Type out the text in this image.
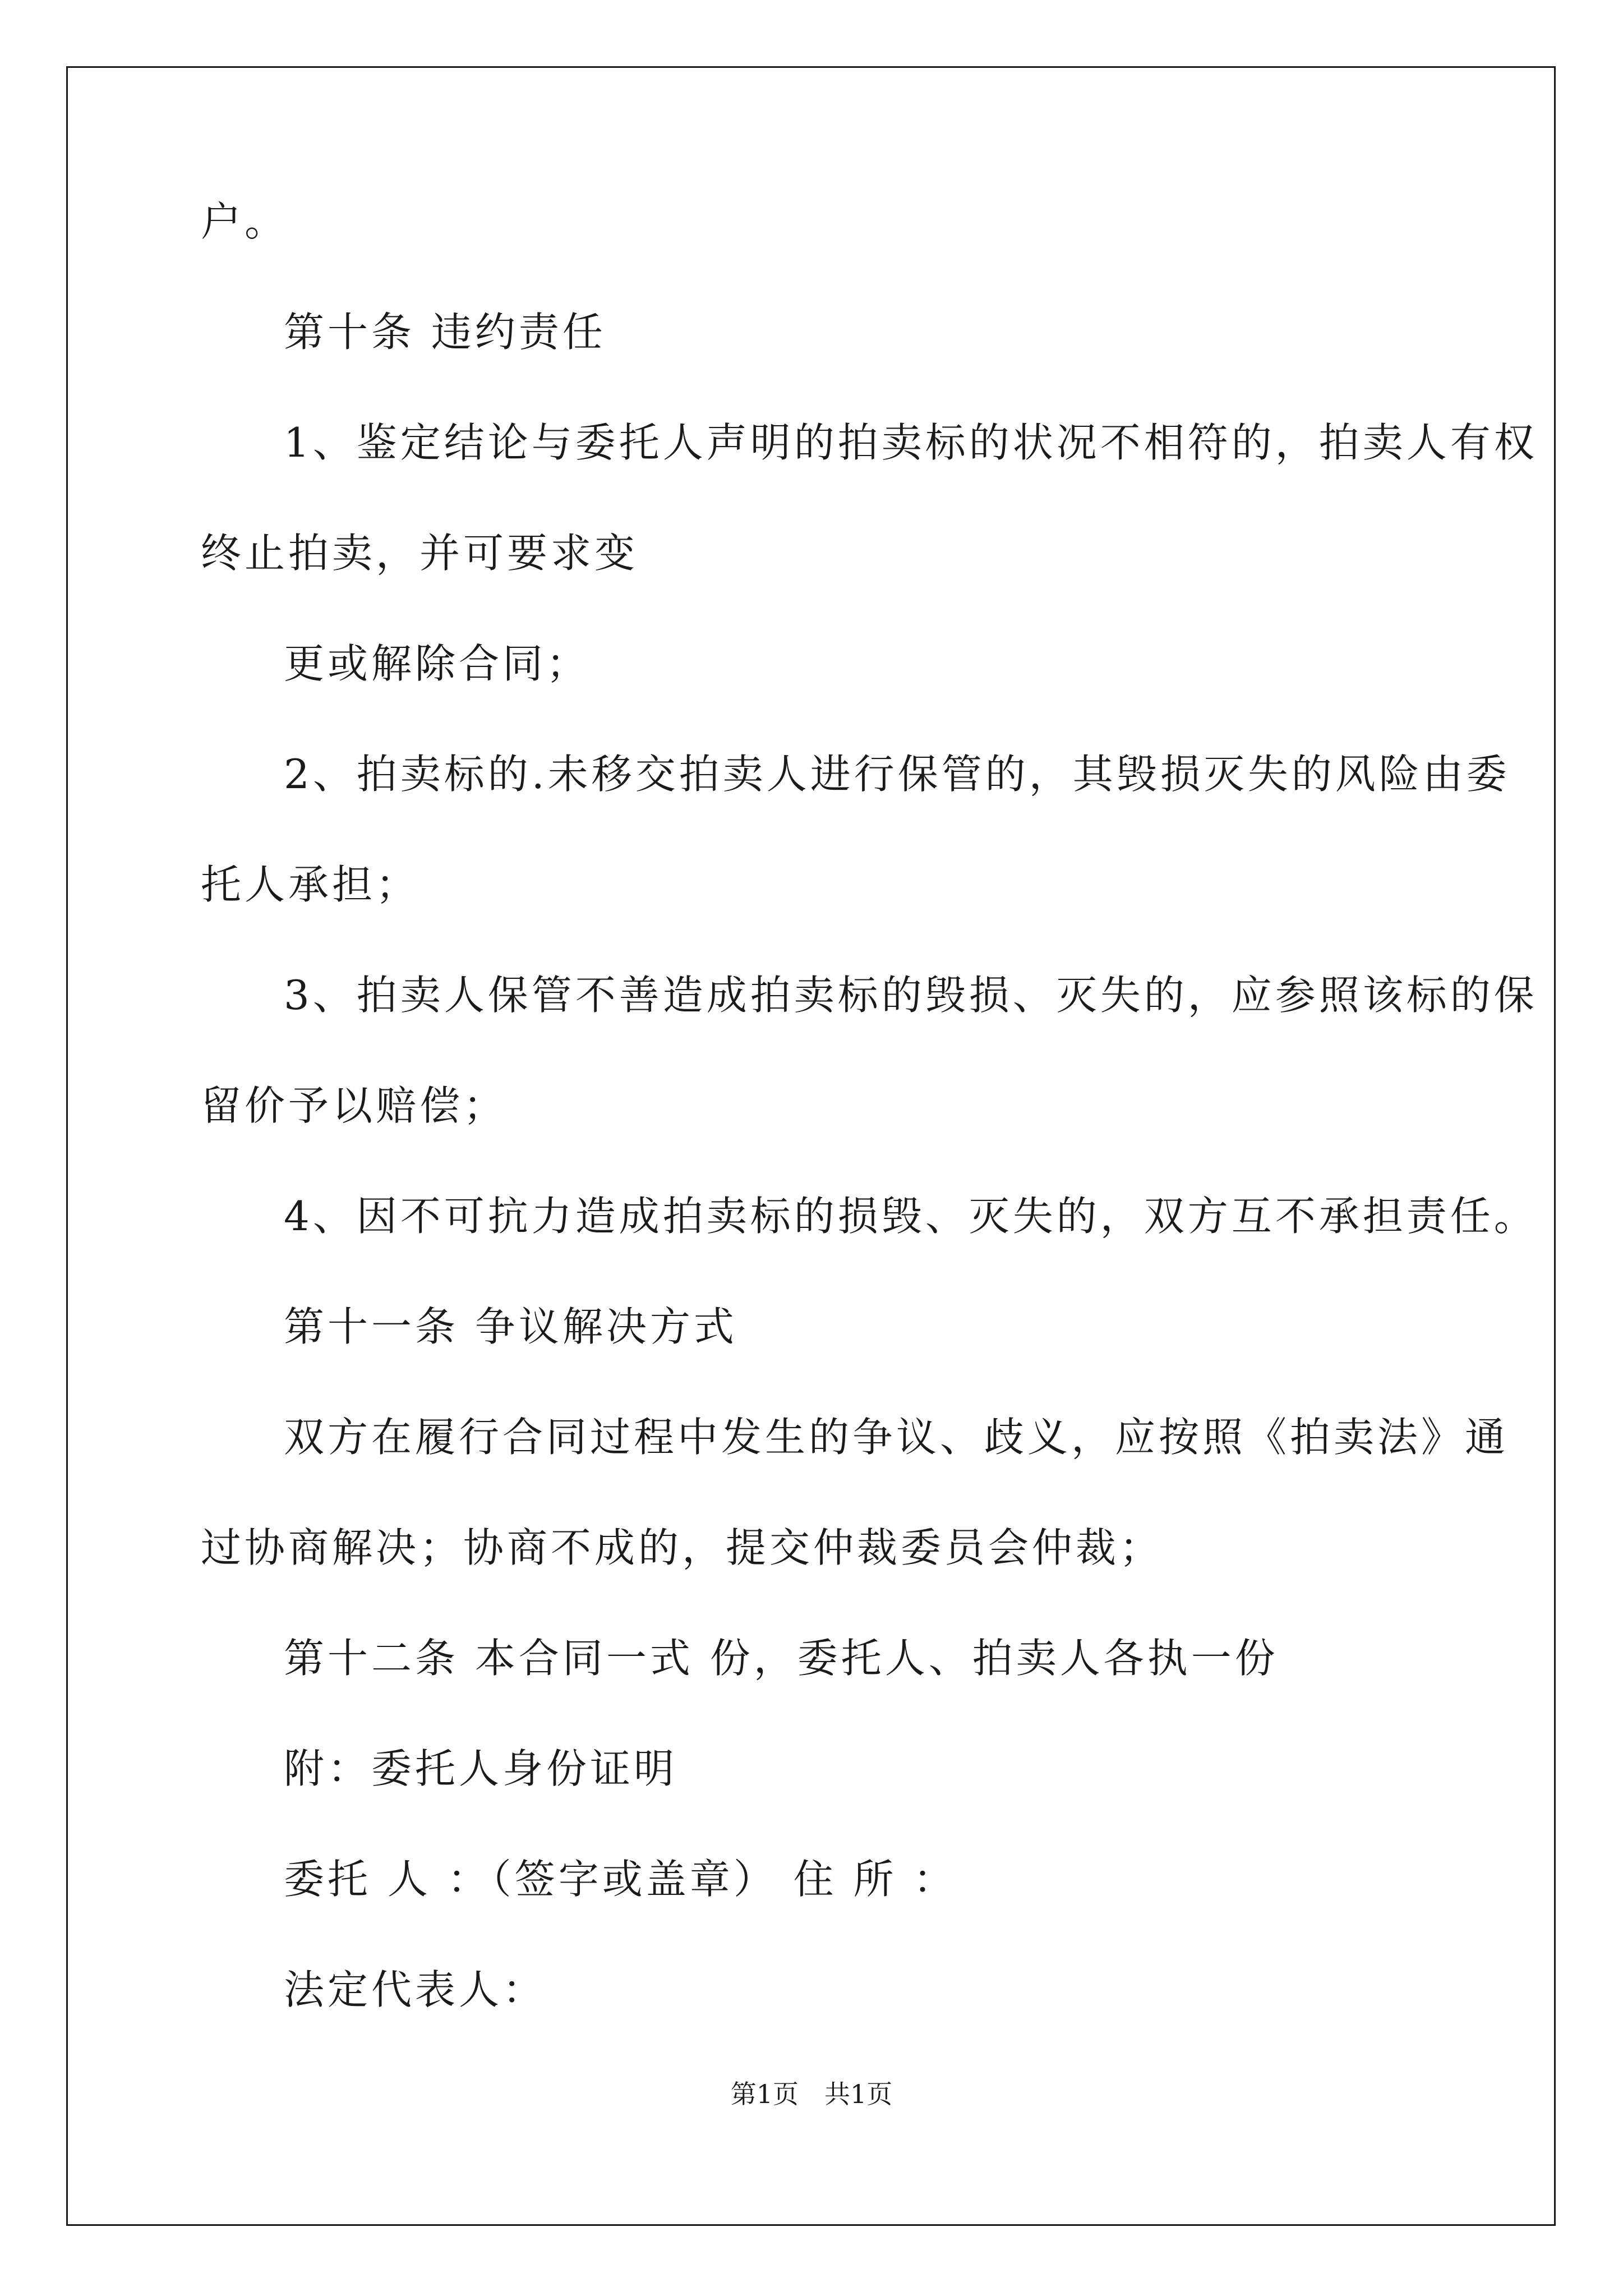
户。
第十条 违约责任
1、鉴定结论与委托人声明的拍卖标的状况不相符的，拍卖人有权
终止拍卖，并可要求变
更或解除合同；
2、拍卖标的.未移交拍卖人进行保管的，其毁损灭失的风险由委
托人承担；
3、拍卖人保管不善造成拍卖标的毁损、灭失的，应参照该标的保
留价予以赔偿；
4、因不可抗力造成拍卖标的损毁、灭失的，双方互不承担责任。
第十一条 争议解决方式
双方在履行合同过程中发生的争议、歧义，应按照《拍卖法》通
过协商解决；协商不成的，提交仲裁委员会仲裁；
第十二条 本合同一式 份，委托人、拍卖人各执一份
附：委托人身份证明
委托 人 ：（签字或盖章） 住 所 ：
法定代表人：
第1页　共1页
